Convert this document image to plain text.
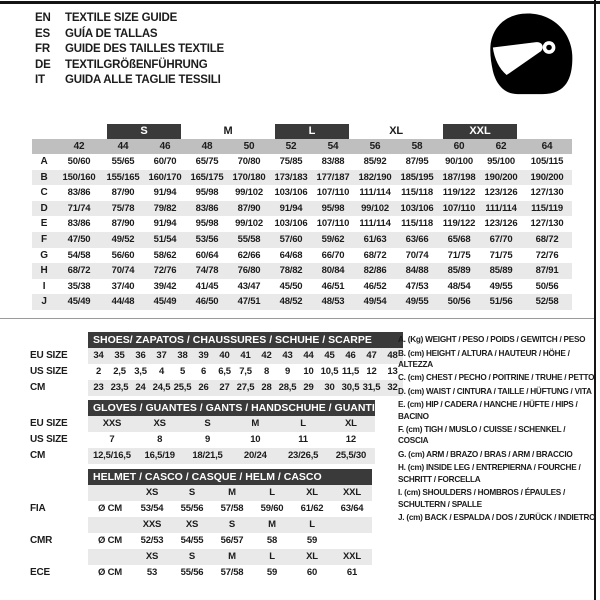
EN	TEXTILE SIZE GUIDE
ES	GUÍA DE TALLAS
FR	GUIDE DES TAILLES TEXTILE
DE	TEXTILGRÖßENFÜHRUNG
IT	GUIDA ALLE TAGLIE TESSILI

		S		M		L		XL		XXL		

	42	44	46	48	50	52	54	56	58	60	62	64
A	50/60	55/65	60/70	65/75	70/80	75/85	83/88	85/92	87/95	90/100	95/100	105/115
B	150/160	155/165	160/170	165/175	170/180	173/183	177/187	182/190	185/195	187/198	190/200	190/200
C	83/86	87/90	91/94	95/98	99/102	103/106	107/110	111/114	115/118	119/122	123/126	127/130
D	71/74	75/78	79/82	83/86	87/90	91/94	95/98	99/102	103/106	107/110	111/114	115/119
E	83/86	87/90	91/94	95/98	99/102	103/106	107/110	111/114	115/118	119/122	123/126	127/130
F	47/50	49/52	51/54	53/56	55/58	57/60	59/62	61/63	63/66	65/68	67/70	68/72
G	54/58	56/60	58/62	60/64	62/66	64/68	66/70	68/72	70/74	71/75	71/75	72/76
H	68/72	70/74	72/76	74/78	76/80	78/82	80/84	82/86	84/88	85/89	85/89	87/91
I	35/38	37/40	39/42	41/45	43/47	45/50	46/51	46/52	47/53	48/54	49/55	50/56
J	45/49	44/48	45/49	46/50	47/51	48/52	48/53	49/54	49/55	50/56	51/56	52/58
	SHOES/ ZAPATOS / CHAUSSURES / SCHUHE / SCARPE														
EU SIZE	34	35	36	37	38	39	40	41	42	43	44	45	46	47	48
US SIZE	2	2,5	3,5	4	5	6	6,5	7,5	8	9	10	10,5	11,5	12	13
CM	23	23,5	24	24,5	25,5	26	27	27,5	28	28,5	29	30	30,5	31,5	32
	GLOVES / GUANTES / GANTS / HANDSCHUHE / GUANTI					
EU SIZE	XXS	XS	S	M	L	XL
US SIZE	7	8	9	10	11	12
CM	12,5/16,5	16,5/19	18/21,5	20/24	23/26,5	25,5/30
	HELMET / CASCO / CASQUE / HELM / CASCO						
		XS	S	M	L	XL	XXL
FIA	Ø CM	53/54	55/56	57/58	59/60	61/62	63/64
		XXS	XS	S	M	L	
CMR	Ø CM	52/53	54/55	56/57	58	59	
		XS	S	M	L	XL	XXL
ECE	Ø CM	53	55/56	57/58	59	60	61
A. (Kg) WEIGHT / PESO / POIDS / GEWITCH / PESO
B. (cm) HEIGHT / ALTURA / HAUTEUR / HÖHE / ALTEZZA
C. (cm) CHEST / PECHO / POITRINE / TRUHE / PETTO
D. (cm) WAIST / CINTURA / TAILLE / HÜFTUNG / VITA
E. (cm) HIP / CADERA / HANCHE / HÜFTE / HIPS / BACINO
F. (cm) TIGH / MUSLO / CUISSE / SCHENKEL / COSCIA
G. (cm) ARM / BRAZO / BRAS / ARM / BRACCIO
H. (cm) INSIDE LEG / ENTREPIERNA / FOURCHE / SCHRITT / FORCELLA
I. (cm) SHOULDERS / HOMBROS / ÉPAULES / SCHULTERN / SPALLE
J. (cm) BACK / ESPALDA / DOS / ZURÜCK / INDIETRO
